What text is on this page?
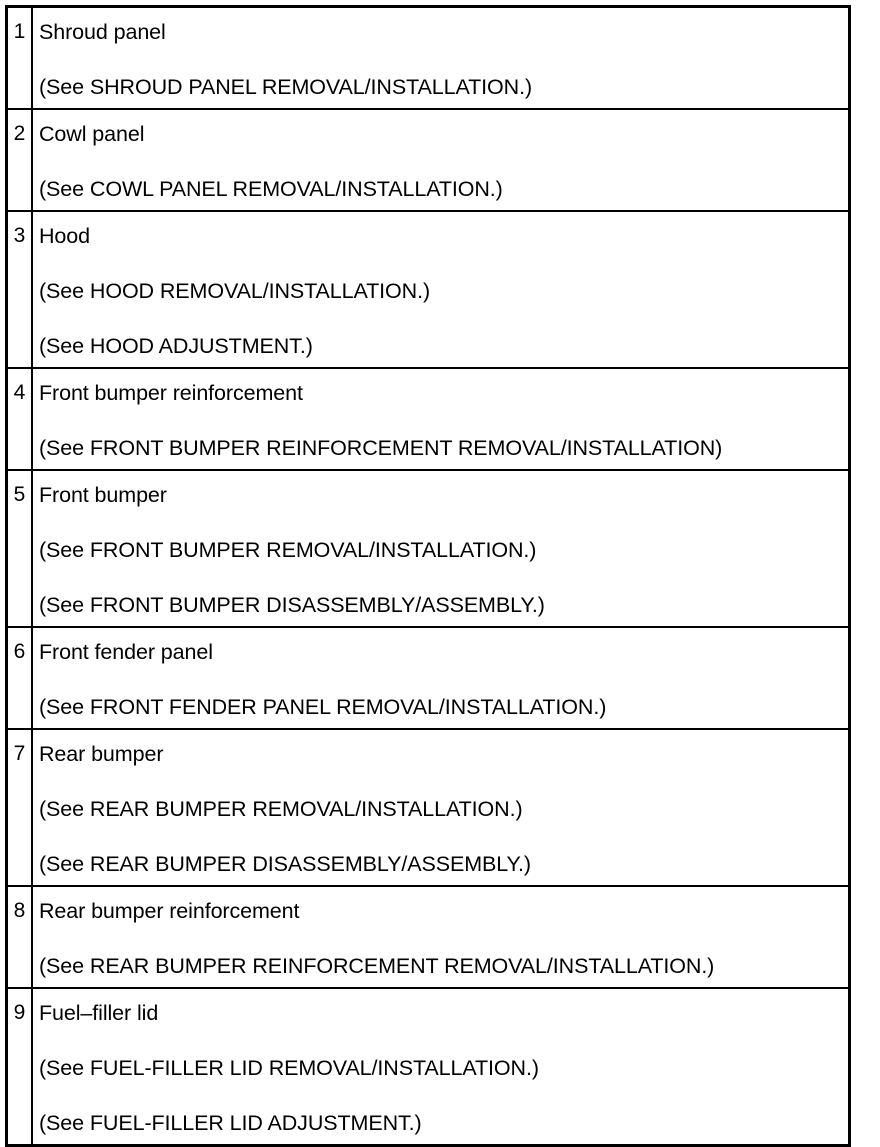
1	Shroud panel
(See SHROUD PANEL REMOVAL/INSTALLATION.)

2	Cowl panel
(See COWL PANEL REMOVAL/INSTALLATION.)

3	Hood
(See HOOD REMOVAL/INSTALLATION.)
(See HOOD ADJUSTMENT.)

4	Front bumper reinforcement
(See FRONT BUMPER REINFORCEMENT REMOVAL/INSTALLATION)

5	Front bumper
(See FRONT BUMPER REMOVAL/INSTALLATION.)
(See FRONT BUMPER DISASSEMBLY/ASSEMBLY.)

6	Front fender panel
(See FRONT FENDER PANEL REMOVAL/INSTALLATION.)

7	Rear bumper
(See REAR BUMPER REMOVAL/INSTALLATION.)
(See REAR BUMPER DISASSEMBLY/ASSEMBLY.)

8	Rear bumper reinforcement
(See REAR BUMPER REINFORCEMENT REMOVAL/INSTALLATION.)

9	Fuel–filler lid
(See FUEL-FILLER LID REMOVAL/INSTALLATION.)
(See FUEL-FILLER LID ADJUSTMENT.)
